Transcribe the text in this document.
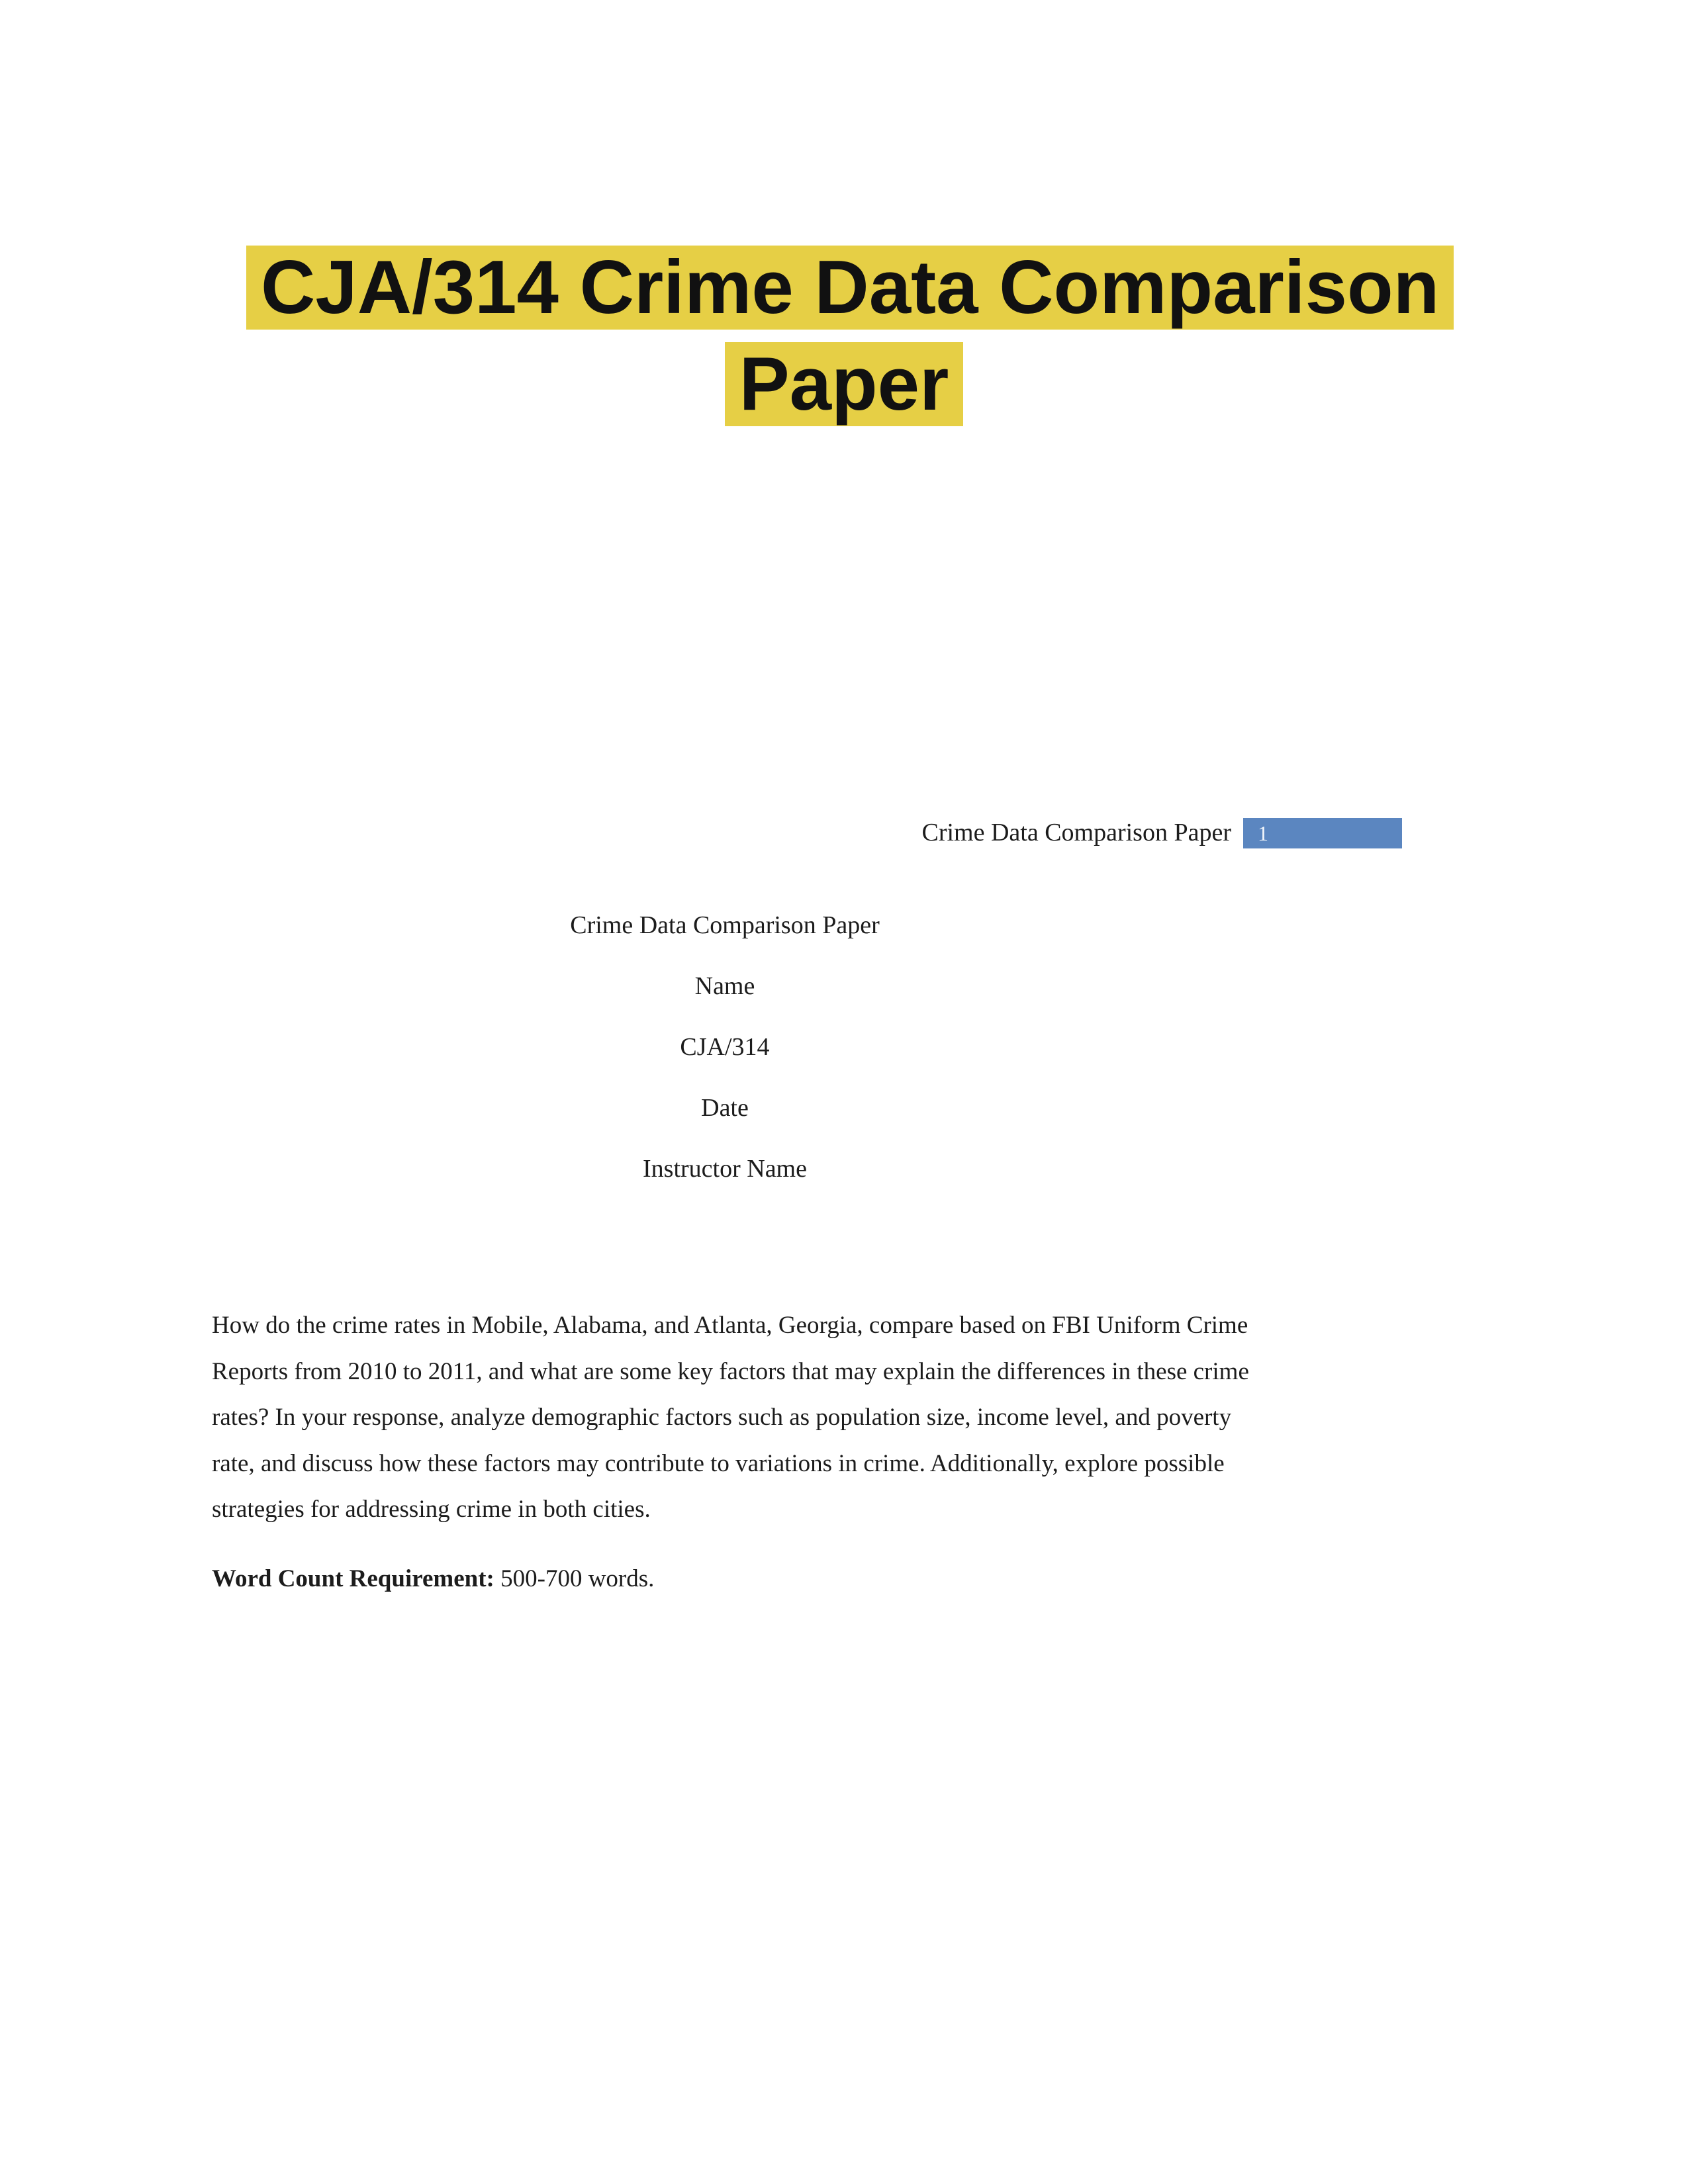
CJA/314 Crime Data Comparison Paper
Crime Data Comparison Paper	1
Crime Data Comparison Paper
Name
CJA/314
Date
Instructor Name

How do the crime rates in Mobile, Alabama, and Atlanta, Georgia, compare based on FBI Uniform Crime Reports from 2010 to 2011, and what are some key factors that may explain the differences in these crime rates? In your response, analyze demographic factors such as population size, income level, and poverty rate, and discuss how these factors may contribute to variations in crime. Additionally, explore possible strategies for addressing crime in both cities.

Word Count Requirement: 500-700 words.
